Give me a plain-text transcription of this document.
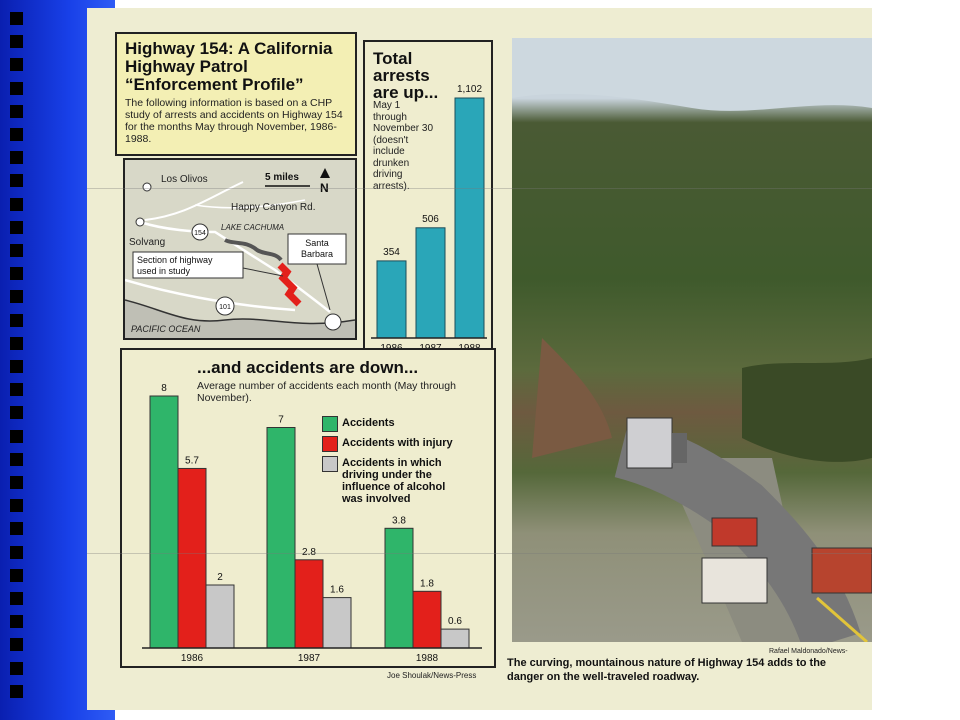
Highway 154: A California Highway Patrol “Enforcement Profile”
The following information is based on a CHP study of arrests and accidents on Highway 154 for the months May through November, 1986-1988.
Los Olivos
Happy Canyon Rd.
LAKE CACHUMA
Solvang	Santa Barbara
PACIFIC OCEAN
5 miles
N
154
101
Section of highway used in study
Total
arrests
are up...
May 1 through November 30 (doesn't include drunken driving arrests).
354
506
1,102
...and accidents are down...
Average number of accidents each month (May through November).
Accidents
Accidents with injury
Accidents in which driving under the influence of alcohol was involved
8
7
3.8
5.7
2.8
1.8
2
1.6
0.6
1986	1987	1988
Joe Shoulak/News-Press
Rafael Maldonado/News-
The curving, mountainous nature of Highway 154 adds to the danger on the well-traveled roadway.
